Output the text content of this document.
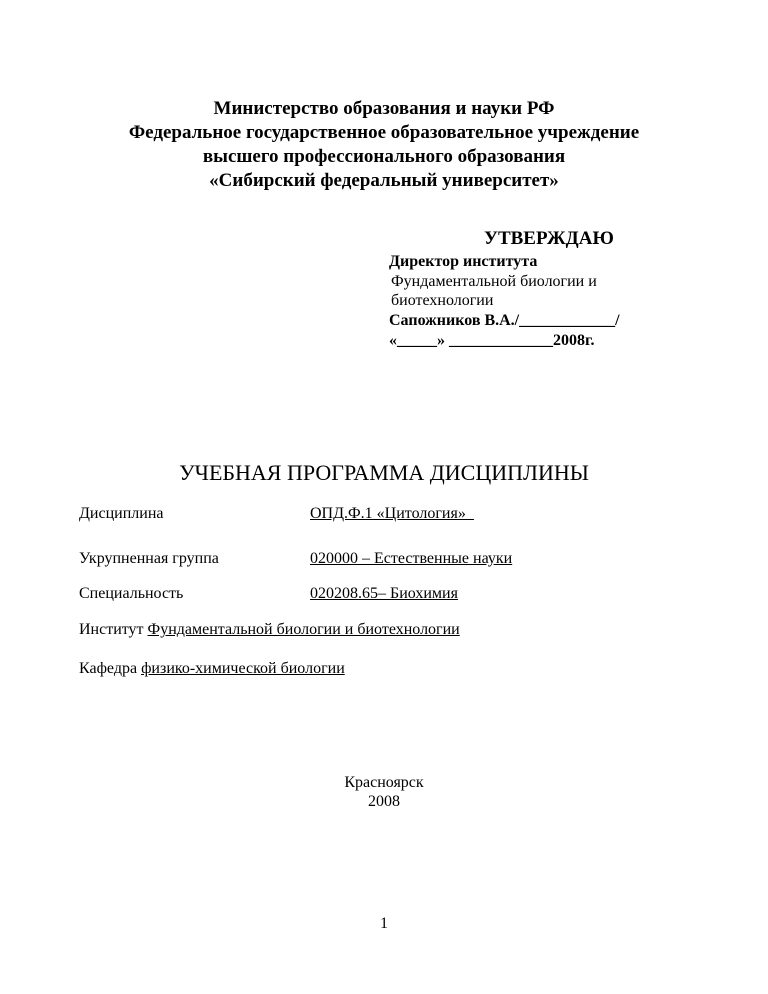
Министерство образования и науки РФ
Федеральное государственное образовательное учреждение
высшего профессионального образования
«Сибирский федеральный университет»
УТВЕРЖДАЮ
Директор института
Фундаментальной биологии и
биотехнологии
Сапожников В.А./____________/
«_____» _____________2008г.
УЧЕБНАЯ ПРОГРАММА ДИСЦИПЛИНЫ
Дисциплина	ОПД.Ф.1 «Цитология»_
Укрупненная группа	020000 – Естественные науки
Специальность	020208.65– Биохимия
Институт Фундаментальной биологии и биотехнологии
Кафедра физико-химической биологии
Красноярск
2008
1
